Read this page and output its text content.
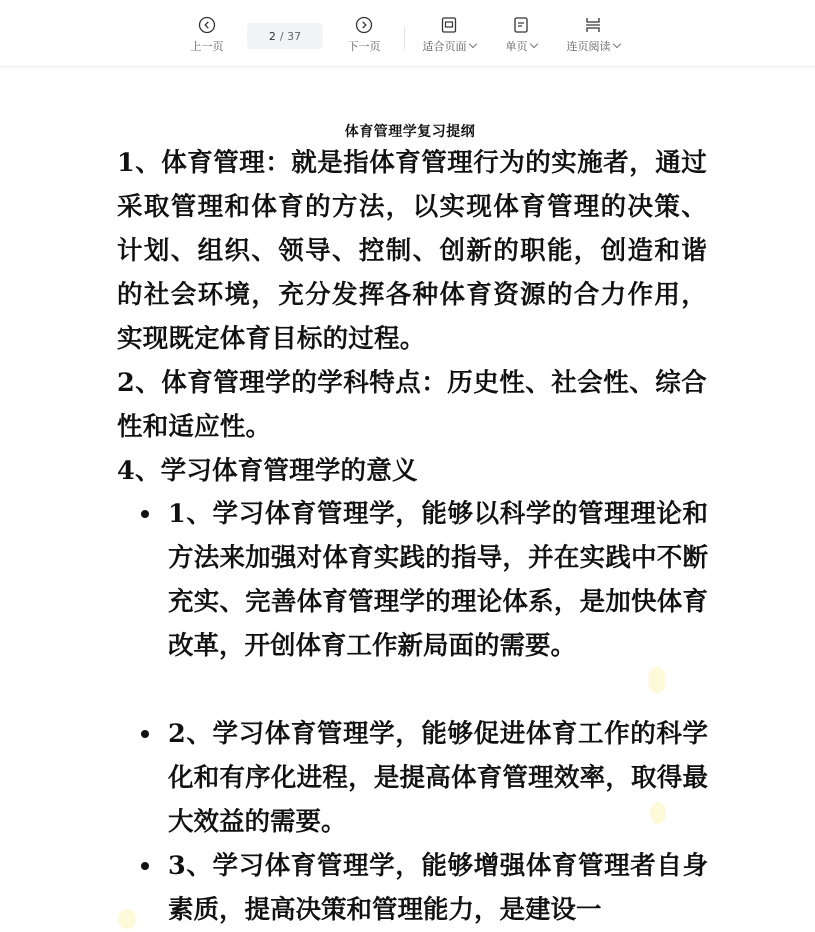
上一页
2 / 37
下一页	适合页面	单页	连页阅读
体育管理学复习提纲
1、体育管理：就是指体育管理行为的实施者，通过采取管理和体育的方法，以实现体育管理的决策、计划、组织、领导、控制、创新的职能，创造和谐的社会环境，充分发挥各种体育资源的合力作用，实现既定体育目标的过程。
2、体育管理学的学科特点：历史性、社会性、综合性和适应性。
4、学习体育管理学的意义
1、学习体育管理学，能够以科学的管理理论和方法来加强对体育实践的指导，并在实践中不断充实、完善体育管理学的理论体系，是加快体育改革，开创体育工作新局面的需要。
2、学习体育管理学，能够促进体育工作的科学化和有序化进程，是提高体育管理效率，取得最大效益的需要。
3、学习体育管理学，能够增强体育管理者自身素质，提高决策和管理能力，是建设一
